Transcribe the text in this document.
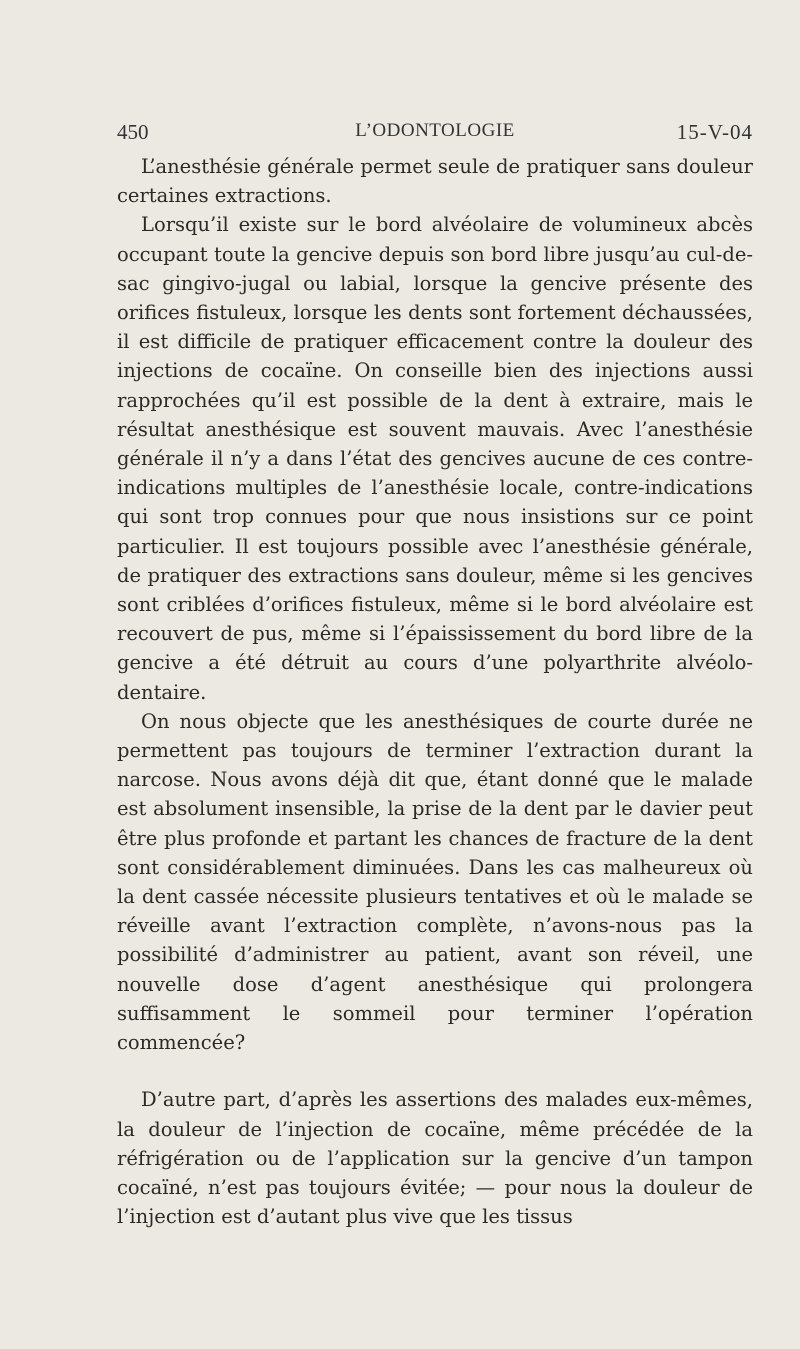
450	L’ODONTOLOGIE	15-V-04

L’anesthésie générale permet seule de pratiquer sans douleur certaines extractions.

Lorsqu’il existe sur le bord alvéolaire de volumineux abcès occupant toute la gencive depuis son bord libre jusqu’au cul-de-sac gingivo-jugal ou labial, lorsque la gencive présente des orifices fistuleux, lorsque les dents sont fortement déchaussées, il est difficile de pratiquer efficacement contre la douleur des injections de cocaïne. On conseille bien des injections aussi rapprochées qu’il est possible de la dent à extraire, mais le résultat anesthésique est souvent mauvais. Avec l’anesthésie générale il n’y a dans l’état des gencives aucune de ces contre-indications multiples de l’anesthésie locale, contre-indications qui sont trop connues pour que nous insistions sur ce point particulier. Il est toujours possible avec l’anesthésie générale, de pratiquer des extractions sans douleur, même si les gencives sont criblées d’orifices fistuleux, même si le bord alvéolaire est recouvert de pus, même si l’épaississement du bord libre de la gencive a été détruit au cours d’une polyarthrite alvéolo-dentaire.

On nous objecte que les anesthésiques de courte durée ne permettent pas toujours de terminer l’extraction durant la narcose. Nous avons déjà dit que, étant donné que le malade est absolument insensible, la prise de la dent par le davier peut être plus profonde et partant les chances de fracture de la dent sont considérablement diminuées. Dans les cas malheureux où la dent cassée nécessite plusieurs tentatives et où le malade se réveille avant l’extraction complète, n’avons-nous pas la possibilité d’administrer au patient, avant son réveil, une nouvelle dose d’agent anesthésique qui prolongera suffisamment le sommeil pour terminer l’opération commencée?

D’autre part, d’après les assertions des malades eux-mêmes, la douleur de l’injection de cocaïne, même précédée de la réfrigération ou de l’application sur la gencive d’un tampon cocaïné, n’est pas toujours évitée; — pour nous la douleur de l’injection est d’autant plus vive que les tissus
